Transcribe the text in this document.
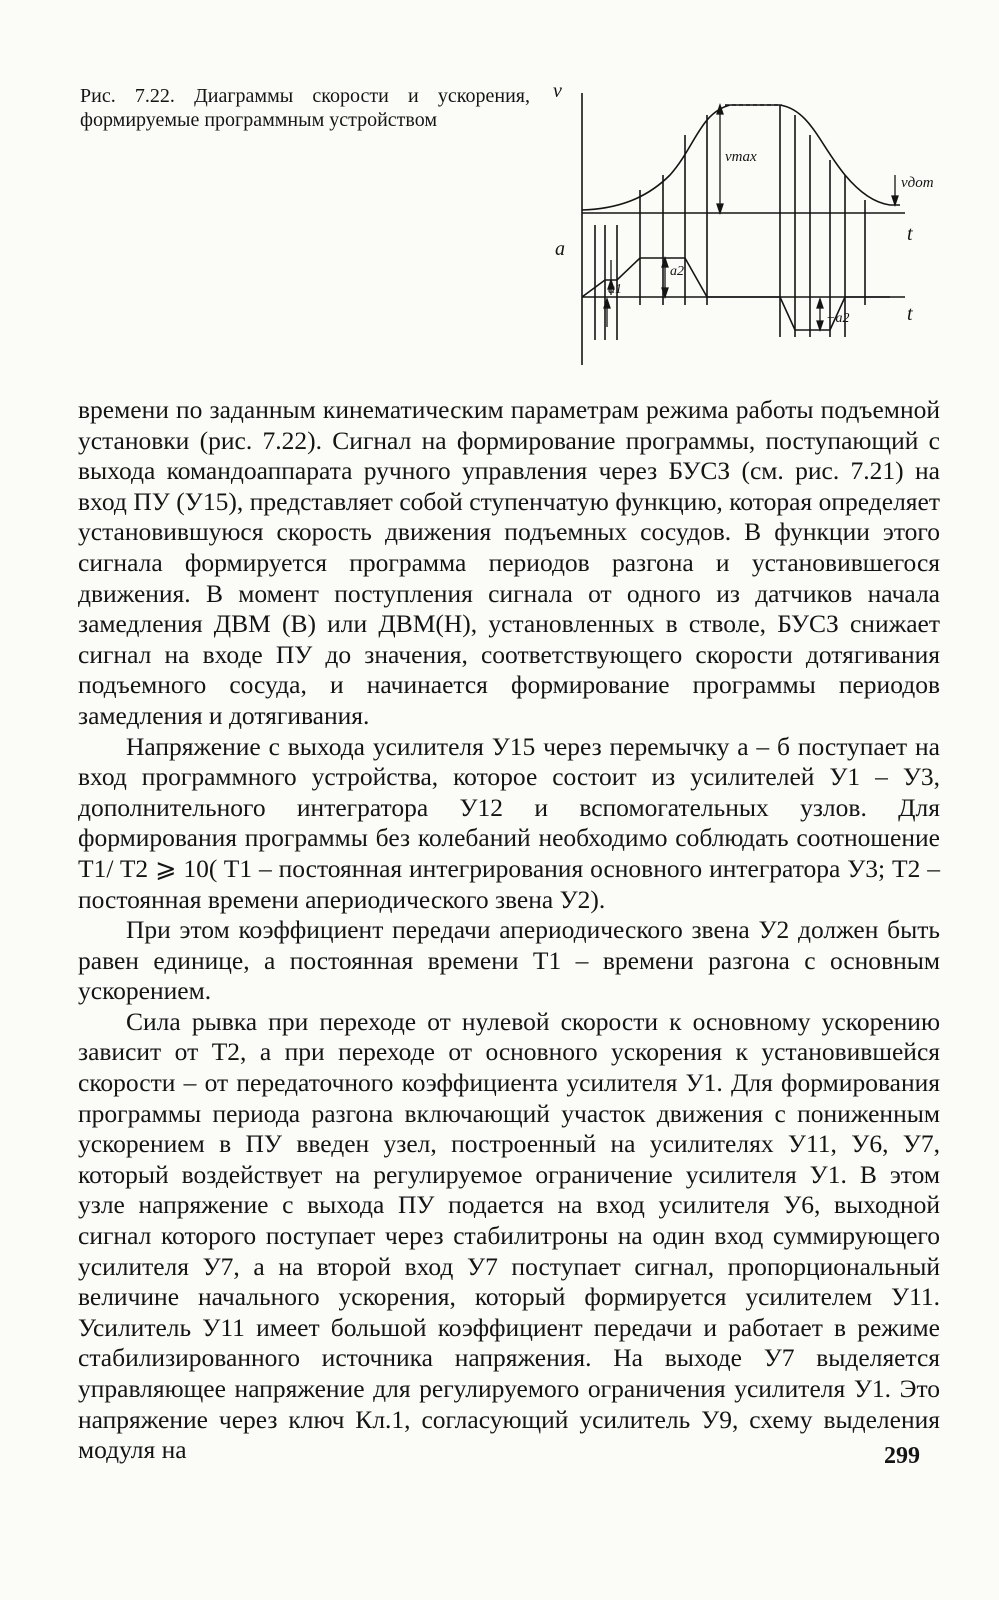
Рис. 7.22. Диаграммы скорости и ускорения, формируемые программным устройством
v
vmax
vдот
t
a
a1
a2
−a2	t

времени по заданным кинематическим параметрам режима работы подъемной установки (рис. 7.22). Сигнал на формирование программы, поступающий с выхода командоаппарата ручного управления через БУСЗ (см. рис. 7.21) на вход ПУ (У15), представляет собой ступенчатую функцию, которая определяет установившуюся скорость движения подъемных сосудов. В функции этого сигнала формируется программа периодов разгона и установившегося движения. В момент поступления сигнала от одного из датчиков начала замедления ДВМ (В) или ДВМ(Н), установленных в стволе, БУСЗ снижает сигнал на входе ПУ до значения, соответствующего скорости дотягивания подъемного сосуда, и начинается формирование программы периодов замедления и дотягивания.

Напряжение с выхода усилителя У15 через перемычку a – б поступает на вход программного устройства, которое состоит из усилителей У1 – У3, дополнительного интегратора У12 и вспомогательных узлов. Для формирования программы без колебаний необходимо соблюдать соотношение T1/ T2 ⩾ 10( T1 – постоянная интегрирования основного интегратора У3; T2 – постоянная времени апериодического звена У2).

При этом коэффициент передачи апериодического звена У2 должен быть равен единице, а постоянная времени T1 – времени разгона с основным ускорением.

Сила рывка при переходе от нулевой скорости к основному ускорению зависит от T2, а при переходе от основного ускорения к установившейся скорости – от передаточного коэффициента усилителя У1. Для формирования программы периода разгона включающий участок движения с пониженным ускорением в ПУ введен узел, построенный на усилителях У11, У6, У7, который воздействует на регулируемое ограничение усилителя У1. В этом узле напряжение с выхода ПУ подается на вход усилителя У6, выходной сигнал которого поступает через стабилитроны на один вход суммирующего усилителя У7, а на второй вход У7 поступает сигнал, пропорциональный величине начального ускорения, который формируется усилителем У11. Усилитель У11 имеет большой коэффициент передачи и работает в режиме стабилизированного источника напряжения. На выходе У7 выделяется управляющее напряжение для регулируемого ограничения усилителя У1. Это напряжение через ключ Кл.1, согласующий усилитель У9, схему выделения модуля на	299
